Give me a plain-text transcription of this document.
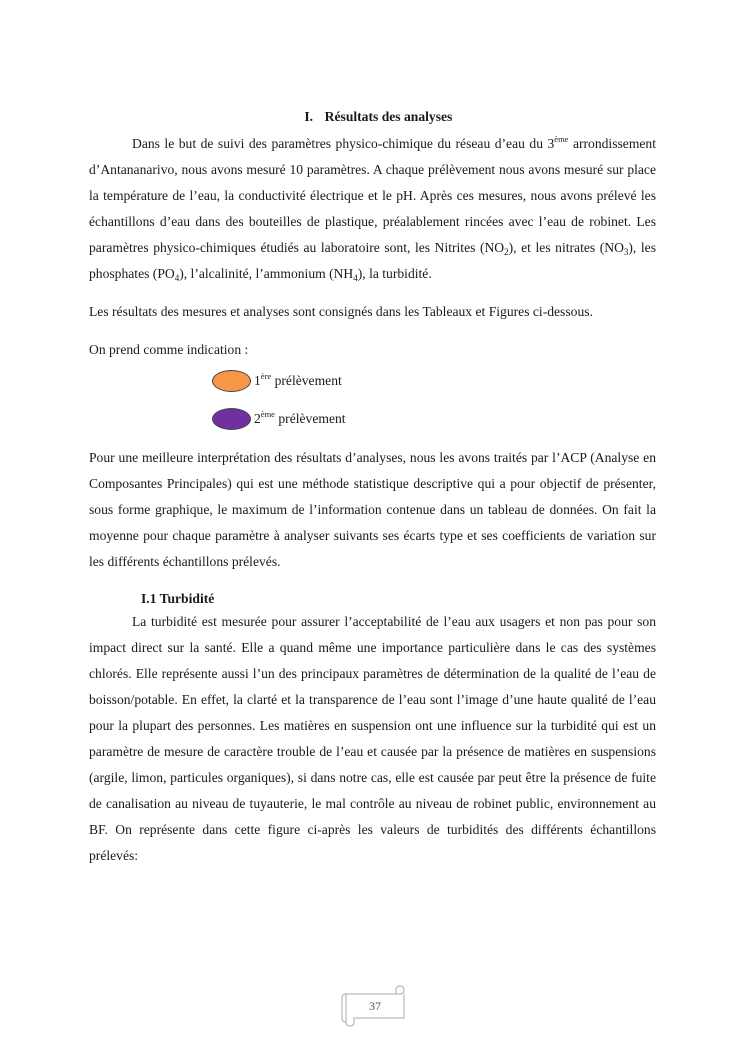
I. Résultats des analyses

Dans le but de suivi des paramètres physico-chimique du réseau d’eau du 3ème arrondissement d’Antananarivo, nous avons mesuré 10 paramètres. A chaque prélèvement nous avons mesuré sur place la température de l’eau, la conductivité électrique et le pH. Après ces mesures, nous avons prélevé les échantillons d’eau dans des bouteilles de plastique, préalablement rincées avec l’eau de robinet. Les paramètres physico-chimiques étudiés au laboratoire sont, les Nitrites $(NO_2)$, et les nitrates $(NO_3)$, les phosphates $(PO_4)$, l’alcalinité, l’ammonium $(NH_4)$, la turbidité.

Les résultats des mesures et analyses sont consignés dans les Tableaux et Figures ci-dessous.

On prend comme indication :

1ère prélèvement
2ème prélèvement

Pour une meilleure interprétation des résultats d’analyses, nous les avons traités par l’ACP (Analyse en Composantes Principales) qui est une méthode statistique descriptive qui a pour objectif de présenter, sous forme graphique, le maximum de l’information contenue dans un tableau de données. On fait la moyenne pour chaque paramètre à analyser suivants ses écarts type et ses coefficients de variation sur les différents échantillons prélevés.

I.1 Turbidité

La turbidité est mesurée pour assurer l’acceptabilité de l’eau aux usagers et non pas pour son impact direct sur la santé. Elle a quand même une importance particulière dans le cas des systèmes chlorés. Elle représente aussi l’un des principaux paramètres de détermination de la qualité de l’eau de boisson/potable. En effet, la clarté et la transparence de l’eau sont l’image d’une haute qualité de l’eau pour la plupart des personnes. Les matières en suspension ont une influence sur la turbidité qui est un paramètre de mesure de caractère trouble de l’eau et causée par la présence de matières en suspensions (argile, limon, particules organiques), si dans notre cas, elle est causée par peut être la présence de fuite de canalisation au niveau de tuyauterie, le mal contrôle au niveau de robinet public, environnement au BF. On représente dans cette figure ci-après les valeurs de turbidités des différents échantillons prélevés:

37
